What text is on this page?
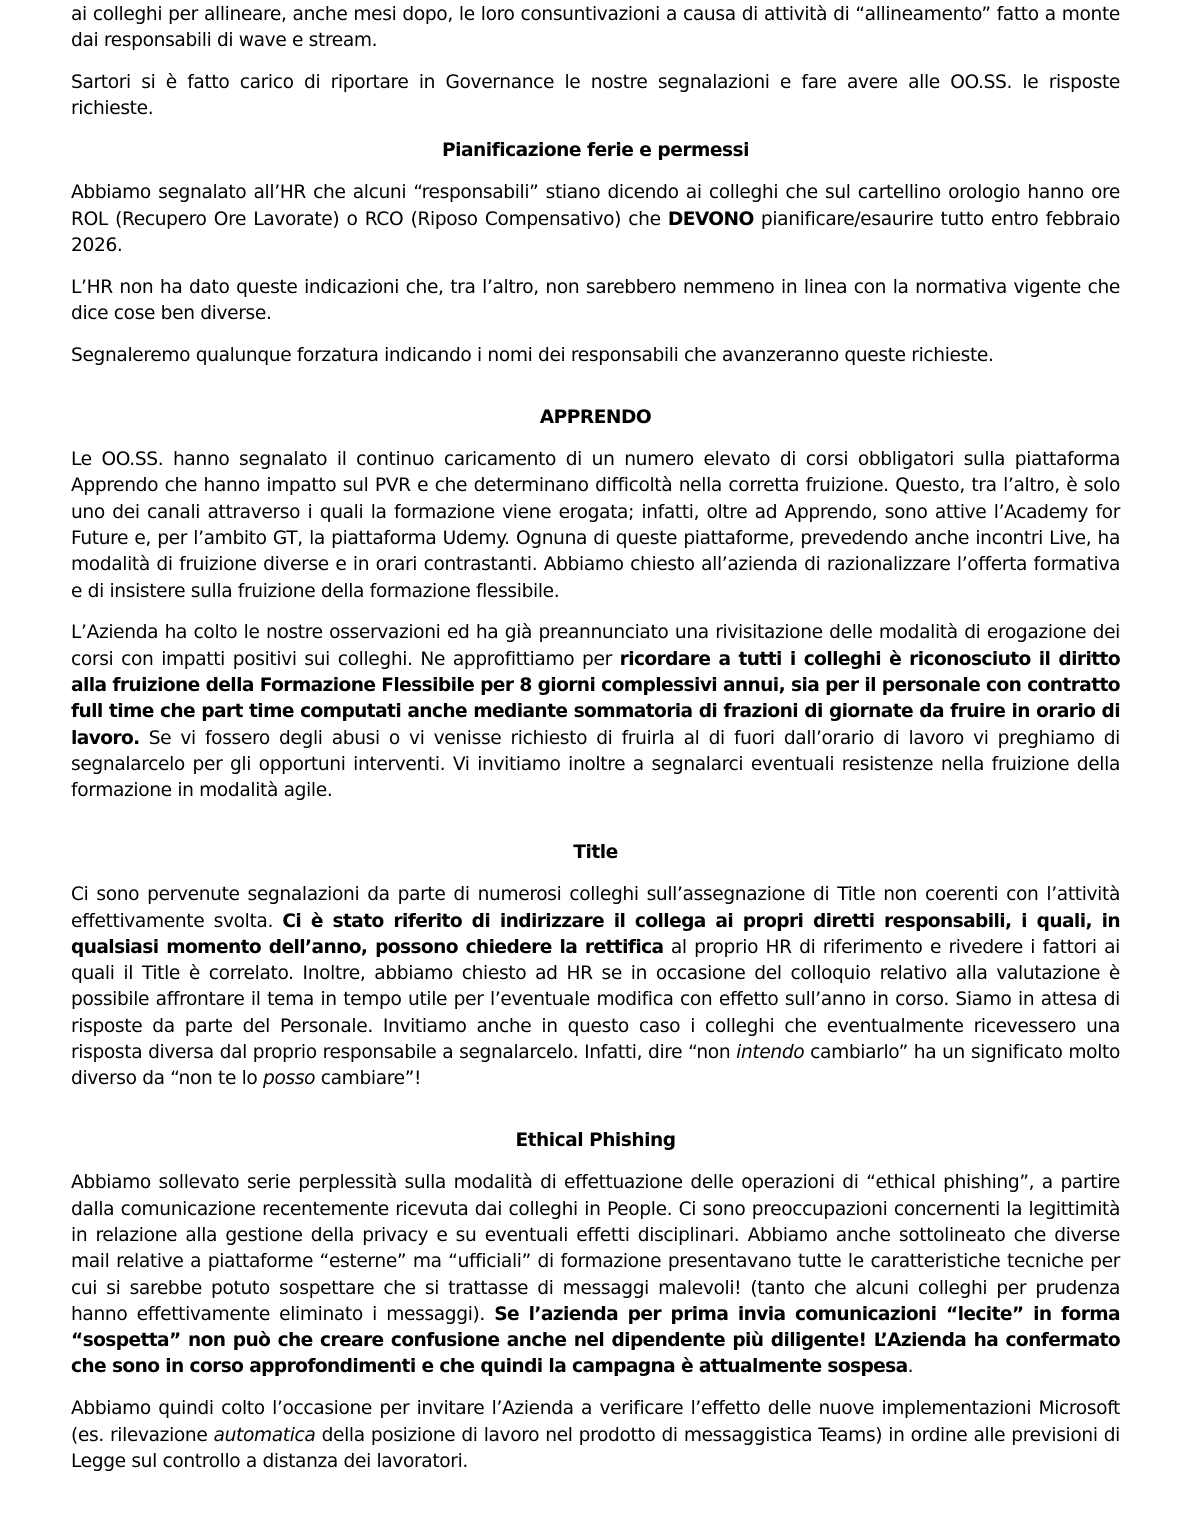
ai colleghi per allineare, anche mesi dopo, le loro consuntivazioni a causa di attività di “allineamento” fatto a monte dai responsabili di wave e stream.

Sartori si è fatto carico di riportare in Governance le nostre segnalazioni e fare avere alle OO.SS. le risposte richieste.

Pianificazione ferie e permessi

Abbiamo segnalato all’HR che alcuni “responsabili” stiano dicendo ai colleghi che sul cartellino orologio hanno ore ROL (Recupero Ore Lavorate) o RCO (Riposo Compensativo) che DEVONO pianificare/esaurire tutto entro febbraio 2026.

L’HR non ha dato queste indicazioni che, tra l’altro, non sarebbero nemmeno in linea con la normativa vigente che dice cose ben diverse.

Segnaleremo qualunque forzatura indicando i nomi dei responsabili che avanzeranno queste richieste.

APPRENDO

Le OO.SS. hanno segnalato il continuo caricamento di un numero elevato di corsi obbligatori sulla piattaforma Apprendo che hanno impatto sul PVR e che determinano difficoltà nella corretta fruizione. Questo, tra l’altro, è solo uno dei canali attraverso i quali la formazione viene erogata; infatti, oltre ad Apprendo, sono attive l’Academy for Future e, per l’ambito GT, la piattaforma Udemy. Ognuna di queste piattaforme, prevedendo anche incontri Live, ha modalità di fruizione diverse e in orari contrastanti. Abbiamo chiesto all’azienda di razionalizzare l’offerta formativa e di insistere sulla fruizione della formazione flessibile.

L’Azienda ha colto le nostre osservazioni ed ha già preannunciato una rivisitazione delle modalità di erogazione dei corsi con impatti positivi sui colleghi. Ne approfittiamo per ricordare a tutti i colleghi è riconosciuto il diritto alla fruizione della Formazione Flessibile per 8 giorni complessivi annui, sia per il personale con contratto full time che part time computati anche mediante sommatoria di frazioni di giornate da fruire in orario di lavoro. Se vi fossero degli abusi o vi venisse richiesto di fruirla al di fuori dall’orario di lavoro vi preghiamo di segnalarcelo per gli opportuni interventi. Vi invitiamo inoltre a segnalarci eventuali resistenze nella fruizione della formazione in modalità agile.

Title

Ci sono pervenute segnalazioni da parte di numerosi colleghi sull’assegnazione di Title non coerenti con l’attività effettivamente svolta. Ci è stato riferito di indirizzare il collega ai propri diretti responsabili, i quali, in qualsiasi momento dell’anno, possono chiedere la rettifica al proprio HR di riferimento e rivedere i fattori ai quali il Title è correlato. Inoltre, abbiamo chiesto ad HR se in occasione del colloquio relativo alla valutazione è possibile affrontare il tema in tempo utile per l’eventuale modifica con effetto sull’anno in corso. Siamo in attesa di risposte da parte del Personale. Invitiamo anche in questo caso i colleghi che eventualmente ricevessero una risposta diversa dal proprio responsabile a segnalarcelo. Infatti, dire “non intendo cambiarlo” ha un significato molto diverso da “non te lo posso cambiare”!

Ethical Phishing

Abbiamo sollevato serie perplessità sulla modalità di effettuazione delle operazioni di “ethical phishing”, a partire dalla comunicazione recentemente ricevuta dai colleghi in People. Ci sono preoccupazioni concernenti la legittimità in relazione alla gestione della privacy e su eventuali effetti disciplinari. Abbiamo anche sottolineato che diverse mail relative a piattaforme “esterne” ma “ufficiali” di formazione presentavano tutte le caratteristiche tecniche per cui si sarebbe potuto sospettare che si trattasse di messaggi malevoli! (tanto che alcuni colleghi per prudenza hanno effettivamente eliminato i messaggi). Se l’azienda per prima invia comunicazioni “lecite” in forma “sospetta” non può che creare confusione anche nel dipendente più diligente! L’Azienda ha confermato che sono in corso approfondimenti e che quindi la campagna è attualmente sospesa.

Abbiamo quindi colto l’occasione per invitare l’Azienda a verificare l’effetto delle nuove implementazioni Microsoft (es. rilevazione automatica della posizione di lavoro nel prodotto di messaggistica Teams) in ordine alle previsioni di Legge sul controllo a distanza dei lavoratori.
